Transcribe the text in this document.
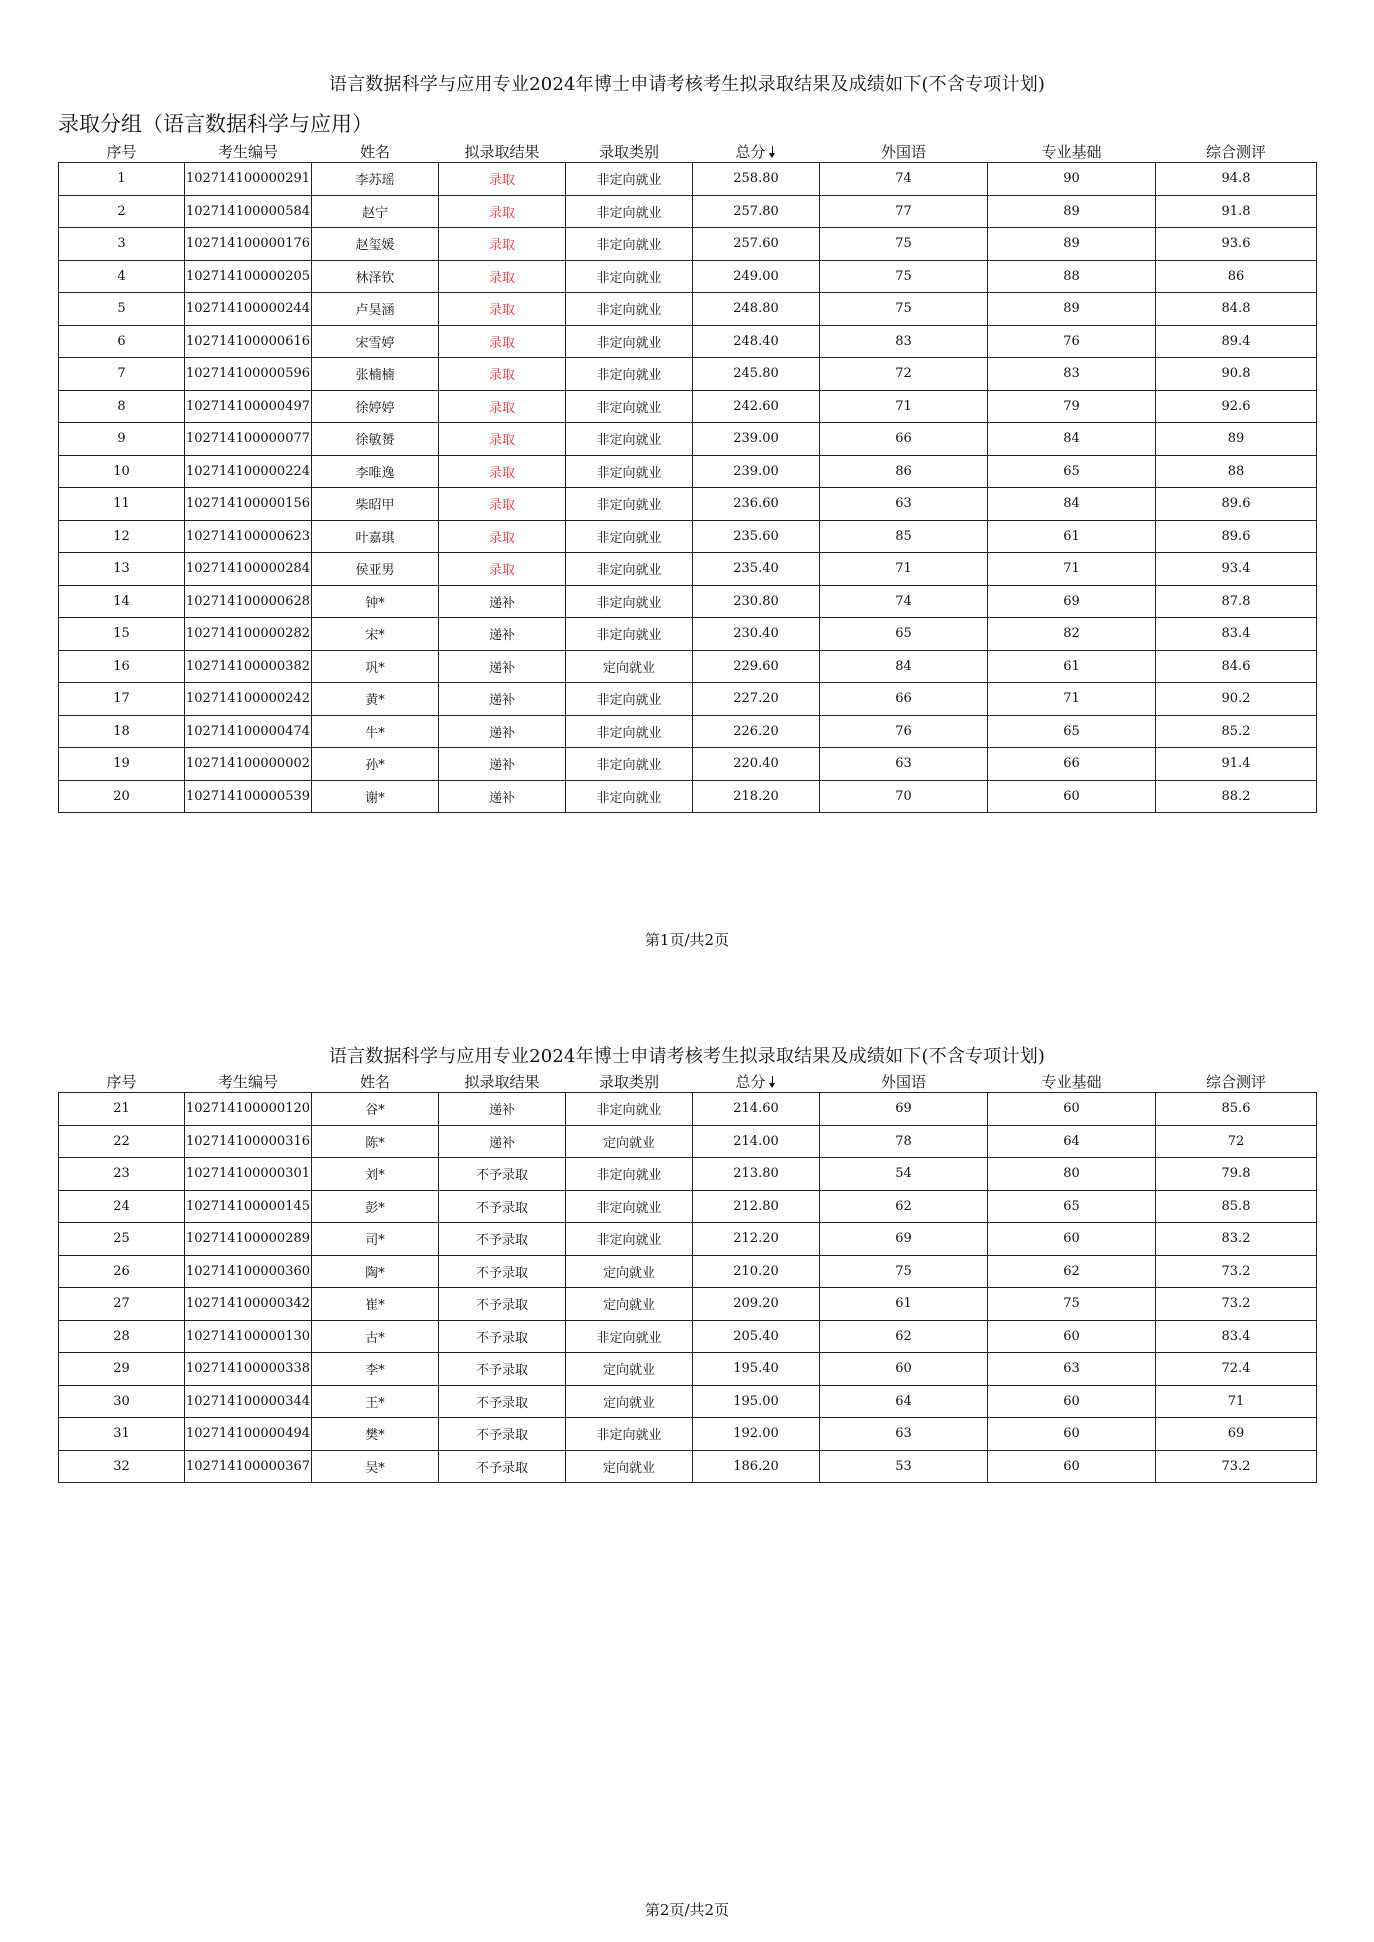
语言数据科学与应用专业2024年博士申请考核考生拟录取结果及成绩如下(不含专项计划)
录取分组（语言数据科学与应用）
序号	考生编号	姓名	拟录取结果	录取类别	总分	外国语	专业基础	综合测评
1	102714100000291	李苏瑶	录取	非定向就业	258.80	74	90	94.8
2	102714100000584	赵宁	录取	非定向就业	257.80	77	89	91.8
3	102714100000176	赵玺媛	录取	非定向就业	257.60	75	89	93.6
4	102714100000205	林泽钦	录取	非定向就业	249.00	75	88	86
5	102714100000244	卢昊涵	录取	非定向就业	248.80	75	89	84.8
6	102714100000616	宋雪婷	录取	非定向就业	248.40	83	76	89.4
7	102714100000596	张楠楠	录取	非定向就业	245.80	72	83	90.8
8	102714100000497	徐婷婷	录取	非定向就业	242.60	71	79	92.6
9	102714100000077	徐敏赟	录取	非定向就业	239.00	66	84	89
10	102714100000224	李唯逸	录取	非定向就业	239.00	86	65	88
11	102714100000156	柴昭甲	录取	非定向就业	236.60	63	84	89.6
12	102714100000623	叶嘉琪	录取	非定向就业	235.60	85	61	89.6
13	102714100000284	侯亚男	录取	非定向就业	235.40	71	71	93.4
14	102714100000628	钟*	递补	非定向就业	230.80	74	69	87.8
15	102714100000282	宋*	递补	非定向就业	230.40	65	82	83.4
16	102714100000382	巩*	递补	定向就业	229.60	84	61	84.6
17	102714100000242	黄*	递补	非定向就业	227.20	66	71	90.2
18	102714100000474	牛*	递补	非定向就业	226.20	76	65	85.2
19	102714100000002	孙*	递补	非定向就业	220.40	63	66	91.4
20	102714100000539	谢*	递补	非定向就业	218.20	70	60	88.2
第1页/共2页
语言数据科学与应用专业2024年博士申请考核考生拟录取结果及成绩如下(不含专项计划)
序号	考生编号	姓名	拟录取结果	录取类别	总分	外国语	专业基础	综合测评
21	102714100000120	谷*	递补	非定向就业	214.60	69	60	85.6
22	102714100000316	陈*	递补	定向就业	214.00	78	64	72
23	102714100000301	刘*	不予录取	非定向就业	213.80	54	80	79.8
24	102714100000145	彭*	不予录取	非定向就业	212.80	62	65	85.8
25	102714100000289	司*	不予录取	非定向就业	212.20	69	60	83.2
26	102714100000360	陶*	不予录取	定向就业	210.20	75	62	73.2
27	102714100000342	崔*	不予录取	定向就业	209.20	61	75	73.2
28	102714100000130	古*	不予录取	非定向就业	205.40	62	60	83.4
29	102714100000338	李*	不予录取	定向就业	195.40	60	63	72.4
30	102714100000344	王*	不予录取	定向就业	195.00	64	60	71
31	102714100000494	樊*	不予录取	非定向就业	192.00	63	60	69
32	102714100000367	吴*	不予录取	定向就业	186.20	53	60	73.2
第2页/共2页
